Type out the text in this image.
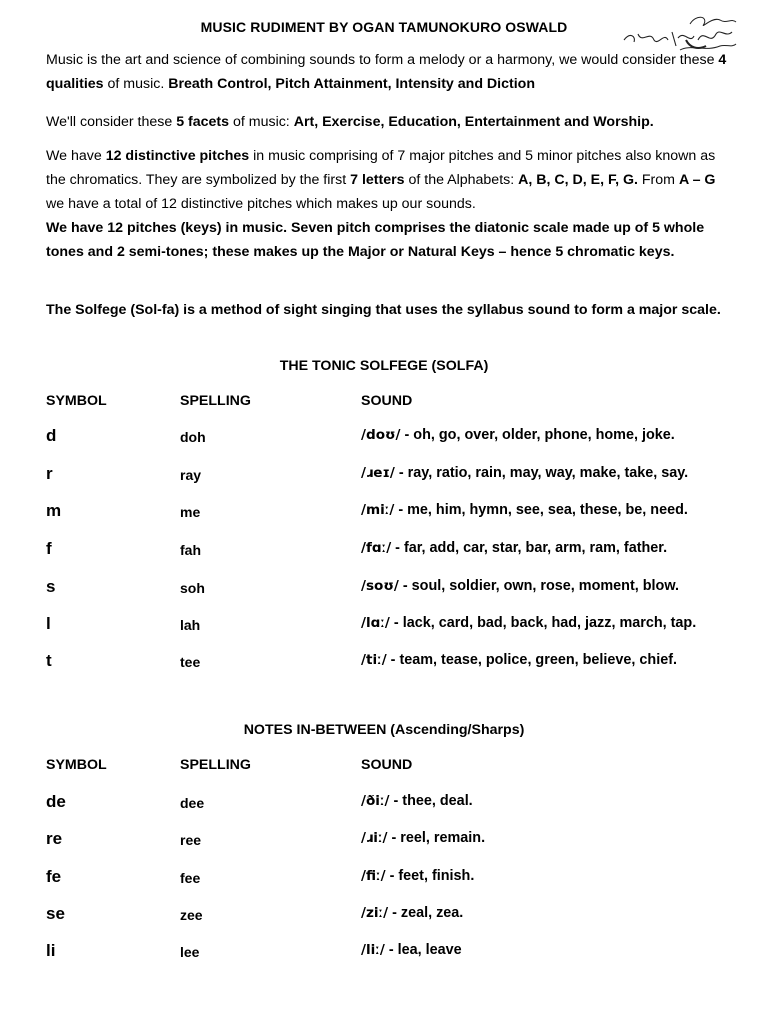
MUSIC RUDIMENT BY OGAN TAMUNOKURO OSWALD
Music is the art and science of combining sounds to form a melody or a harmony, we would consider these 4 qualities of music. Breath Control, Pitch Attainment, Intensity and Diction
We'll consider these 5 facets of music: Art, Exercise, Education, Entertainment and Worship.
We have 12 distinctive pitches in music comprising of 7 major pitches and 5 minor pitches also known as the chromatics. They are symbolized by the first 7 letters of the Alphabets: A, B, C, D, E, F, G. From A – G we have a total of 12 distinctive pitches which makes up our sounds.
We have 12 pitches (keys) in music. Seven pitch comprises the diatonic scale made up of 5 whole tones and 2 semi-tones; these makes up the Major or Natural Keys – hence 5 chromatic keys.
The Solfege (Sol-fa) is a method of sight singing that uses the syllabus sound to form a major scale.
THE TONIC SOLFEGE (SOLFA)
SYMBOL	SPELLING	SOUND
d	doh	/doʊ/ - oh, go, over, older, phone, home, joke.
r	ray	/ɹeɪ/ - ray, ratio, rain, may, way, make, take, say.
m	me	/miː/ - me, him, hymn, see, sea, these, be, need.
f	fah	/fɑː/ - far, add, car, star, bar, arm, ram, father.
s	soh	/soʊ/ - soul, soldier, own, rose, moment, blow.
l	lah	/lɑː/ - lack, card, bad, back, had, jazz, march, tap.
t	tee	/tiː/ - team, tease, police, green, believe, chief.
NOTES IN-BETWEEN (Ascending/Sharps)
SYMBOL	SPELLING	SOUND
de	dee	/ðiː/ - thee, deal.
re	ree	/ɹiː/ - reel, remain.
fe	fee	/fiː/ - feet, finish.
se	zee	/ziː/ - zeal, zea.
li	lee	/liː/ - lea, leave
